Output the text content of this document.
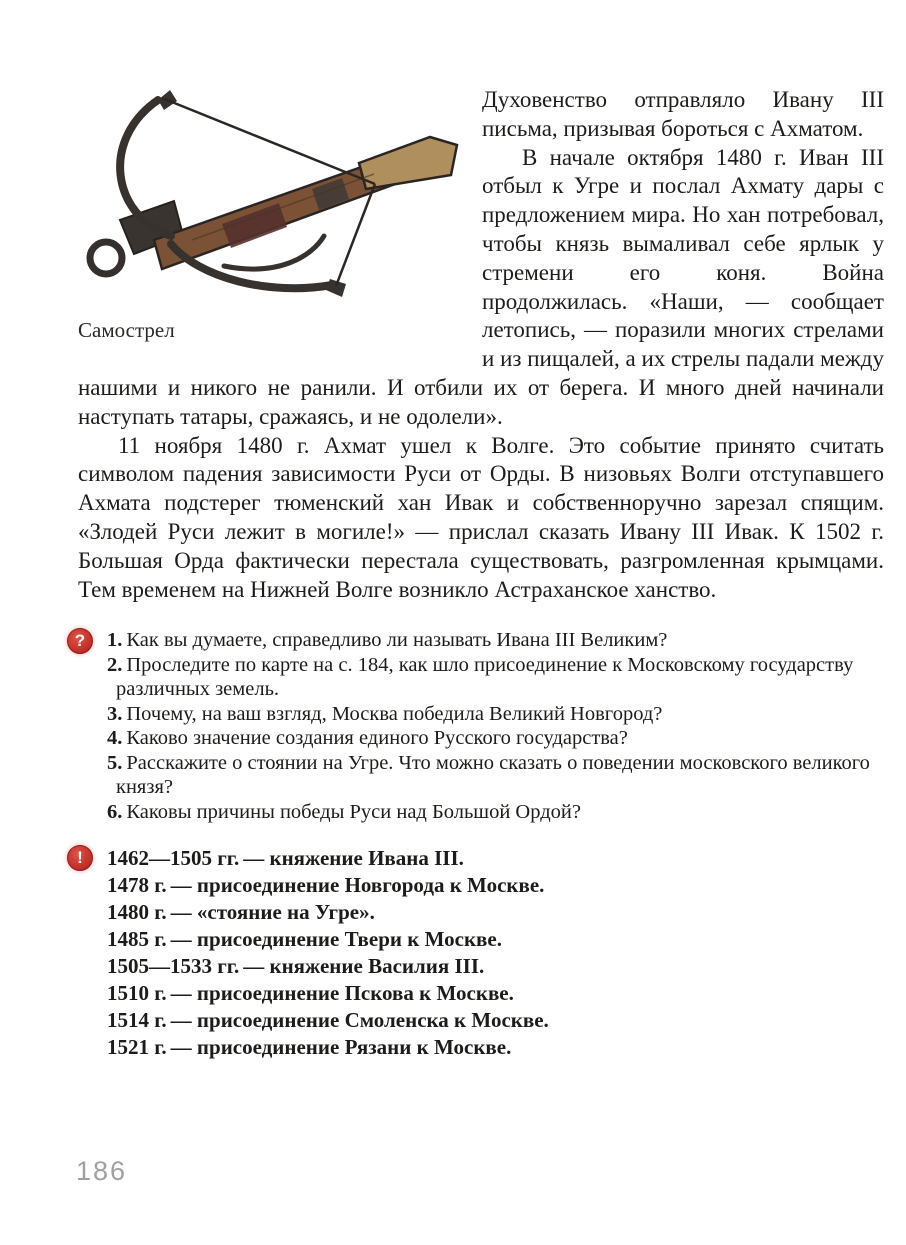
Самострел

Духовенство отправляло Ивану III письма, призывая бороться с Ахматом.

В начале октября 1480 г. Иван III отбыл к Угре и послал Ахмату дары с предложением мира. Но хан потребовал, чтобы князь вымаливал себе ярлык у стремени его коня. Война продолжилась. «Наши, — сообщает летопись, — поразили многих стрелами и из пищалей, а их стрелы падали между нашими и никого не ранили. И отбили их от берега. И много дней начинали наступать татары, сражаясь, и не одолели».

11 ноября 1480 г. Ахмат ушел к Волге. Это событие принято считать символом падения зависимости Руси от Орды. В низовьях Волги отступавшего Ахмата подстерег тюменский хан Ивак и собственноручно зарезал спящим. «Злодей Руси лежит в могиле!» — прислал сказать Ивану III Ивак. К 1502 г. Большая Орда фактически перестала существовать, разгромленная крымцами. Тем временем на Нижней Волге возникло Астраханское ханство.

?	1. Как вы думаете, справедливо ли называть Ивана III Великим?
2. Проследите по карте на с. 184, как шло присоединение к Московскому государству различных земель.
3. Почему, на ваш взгляд, Москва победила Великий Новгород?
4. Каково значение создания единого Русского государства?
5. Расскажите о стоянии на Угре. Что можно сказать о поведении московского великого князя?
6. Каковы причины победы Руси над Большой Ордой?
!	1462—1505 гг. — княжение Ивана III.
1478 г. — присоединение Новгорода к Москве.
1480 г. — «стояние на Угре».
1485 г. — присоединение Твери к Москве.
1505—1533 гг. — княжение Василия III.
1510 г. — присоединение Пскова к Москве.
1514 г. — присоединение Смоленска к Москве.
1521 г. — присоединение Рязани к Москве.
186
